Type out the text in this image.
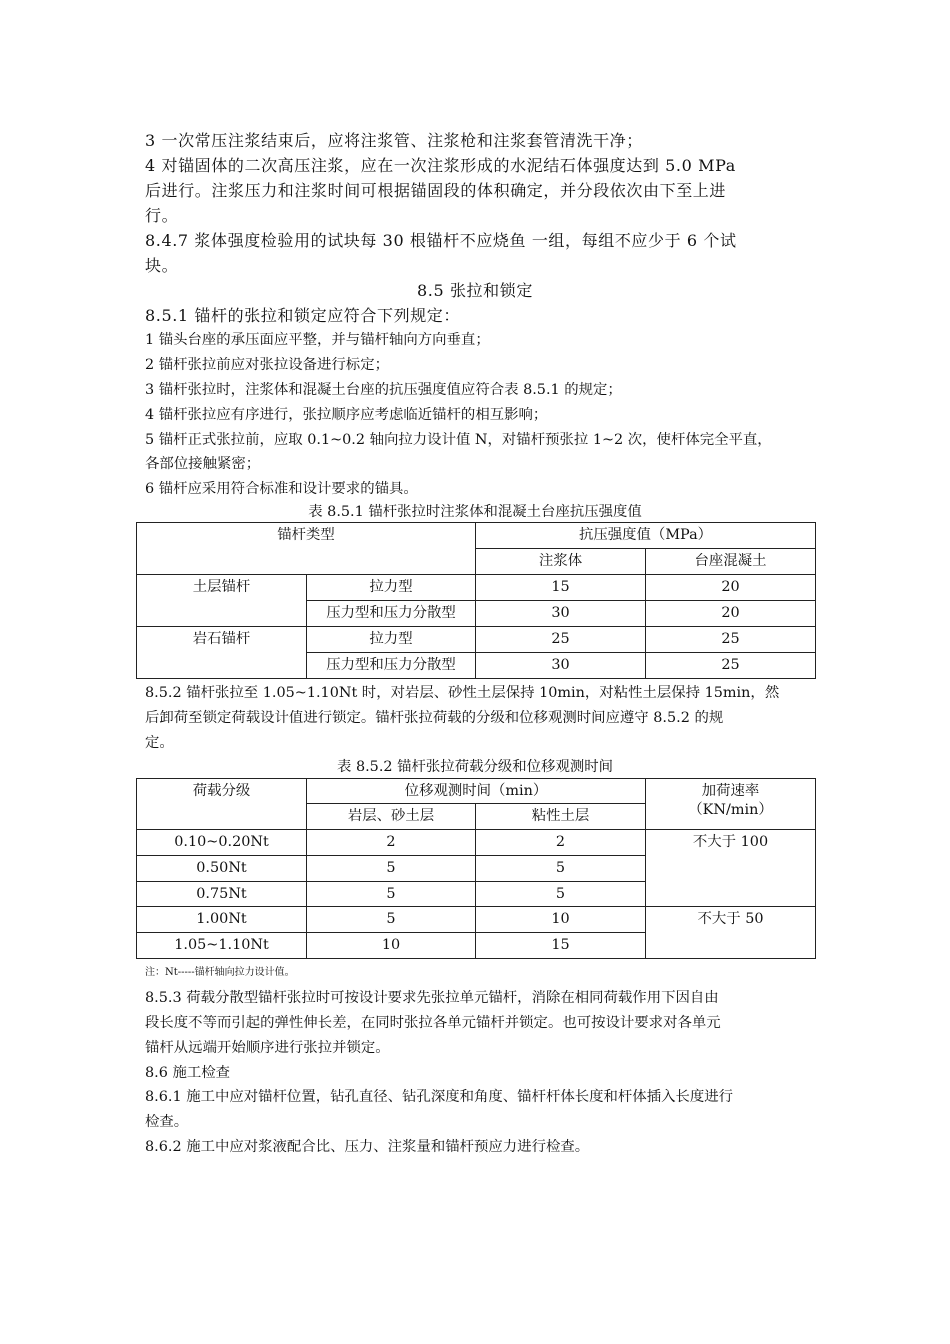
3 一次常压注浆结束后，应将注浆管、注浆枪和注浆套管清洗干净；
4 对锚固体的二次高压注浆，应在一次注浆形成的水泥结石体强度达到 5.0 MPa
后进行。注浆压力和注浆时间可根据锚固段的体积确定，并分段依次由下至上进
行。
8.4.7 浆体强度检验用的试块每 30 根锚杆不应烧鱼 一组，每组不应少于 6 个试
块。
8.5 张拉和锁定
8.5.1 锚杆的张拉和锁定应符合下列规定：
1 锚头台座的承压面应平整，并与锚杆轴向方向垂直；
2 锚杆张拉前应对张拉设备进行标定；
3 锚杆张拉时，注浆体和混凝土台座的抗压强度值应符合表 8.5.1 的规定；
4 锚杆张拉应有序进行，张拉顺序应考虑临近锚杆的相互影响；
5 锚杆正式张拉前，应取 0.1~0.2 轴向拉力设计值 N，对锚杆预张拉 1~2 次，使杆体完全平直，
各部位接触紧密；
6 锚杆应采用符合标准和设计要求的锚具。
表 8.5.1 锚杆张拉时注浆体和混凝土台座抗压强度值
锚杆类型		抗压强度值（MPa）	
		注浆体	台座混凝土
土层锚杆	拉力型	15	20
	压力型和压力分散型	30	20
岩石锚杆	拉力型	25	25
	压力型和压力分散型	30	25
8.5.2 锚杆张拉至 1.05~1.10Nt 时，对岩层、砂性土层保持 10min，对粘性土层保持 15min，然
后卸荷至锁定荷载设计值进行锁定。锚杆张拉荷载的分级和位移观测时间应遵守 8.5.2 的规
定。
表 8.5.2 锚杆张拉荷载分级和位移观测时间
荷载分级	位移观测时间（min）		加荷速率
（KN/min）

	岩层、砂土层	粘性土层	
0.10~0.20Nt	2	2	不大于 100
0.50Nt	5	5	
0.75Nt	5	5	
1.00Nt	5	10	不大于 50
1.05~1.10Nt	10	15	
注：Nt-----锚杆轴向拉力设计值。
8.5.3 荷载分散型锚杆张拉时可按设计要求先张拉单元锚杆，消除在相同荷载作用下因自由
段长度不等而引起的弹性伸长差，在同时张拉各单元锚杆并锁定。也可按设计要求对各单元
锚杆从远端开始顺序进行张拉并锁定。
8.6 施工检查
8.6.1 施工中应对锚杆位置，钻孔直径、钻孔深度和角度、锚杆杆体长度和杆体插入长度进行
检查。
8.6.2 施工中应对浆液配合比、压力、注浆量和锚杆预应力进行检查。
